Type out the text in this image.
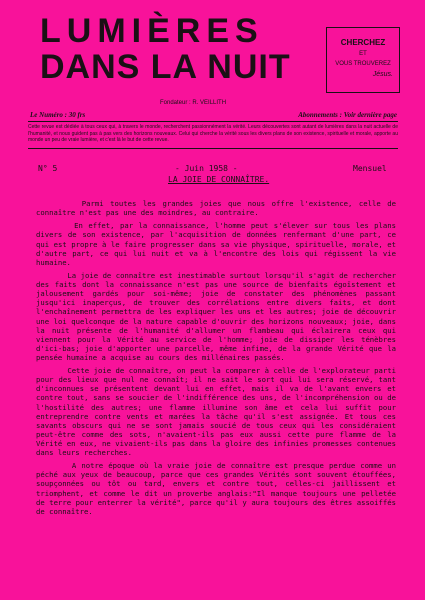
LUMIÈRES
DANS LA NUIT
Fondateur : R. VEILLITH
CHERCHEZ
ET
VOUS TROUVEREZ
Jésus.
Le Numéro : 30 frs	Abonnements : Voir dernière page
Cette revue est dédiée à tous ceux qui, à travers le monde, recherchent passionnément la vérité. Leurs découvertes sont autant de lumières dans la nuit actuelle de l'humanité, et nous guident pas à pas vers des horizons nouveaux. Celui qui cherche la vérité sous les divers plans de son existence, spirituelle et morale, apporte au monde un peu de vraie lumière, et c'est là le but de cette revue.
N° 5	- Juin 1958 -	Mensuel
LA JOIE DE CONNAÎTRE.

Parmi toutes les grandes joies que nous offre l'existence, celle de connaître n'est pas une des moindres, au contraire.

En effet, par la connaissance, l'homme peut s'élever sur tous les plans divers de son existence, par l'acquisition de données renfermant d'une part, ce qui est propre à le faire progresser dans sa vie physique, spirituelle, morale, et d'autre part, ce qui lui nuit et va à l'encontre des lois qui régissent la vie humaine.

La joie de connaître est inestimable surtout lorsqu'il s'agit de rechercher des faits dont la connaissance n'est pas une source de bienfaits égoïstement et jalousement gardés pour soi-même; joie de constater des phénomènes passant jusqu'ici inaperçus, de trouver des corrélations entre divers faits, et dont l'enchaînement permettra de les expliquer les uns et les autres; joie de découvrir une loi quelconque de la nature capable d'ouvrir des horizons nouveaux; joie, dans la nuit présente de l'humanité d'allumer un flambeau qui éclairera ceux qui viennent pour la Vérité au service de l'homme; joie de dissiper les ténèbres d'ici-bas; joie d'apporter une parcelle, même infime, de la grande Vérité que la pensée humaine a acquise au cours des millénaires passés.

Cette joie de connaître, on peut la comparer à celle de l'explorateur parti pour des lieux que nul ne connaît; il ne sait le sort qui lui sera réservé, tant d'inconnues se présentent devant lui en effet, mais il va de l'avant envers et contre tout, sans se soucier de l'indifférence des uns, de l'incompréhension ou de l'hostilité des autres; une flamme illumine son âme et cela lui suffit pour entreprendre contre vents et marées la tâche qu'il s'est assignée. Et tous ces savants obscurs qui ne se sont jamais soucié de tous ceux qui les considéraient peut-être comme des sots, n'avaient-ils pas eux aussi cette pure flamme de la Vérité en eux, ne vivaient-ils pas dans la gloire des infinies promesses contenues dans leurs recherches.

A notre époque où la vraie joie de connaître est presque perdue comme un péché aux yeux de beaucoup, parce que ces grandes Vérités sont souvent étouffées, soupçonnées ou tôt ou tard, envers et contre tout, celles-ci jaillissent et triomphent, et comme le dit un proverbe anglais:"Il manque toujours une pelletée de terre pour enterrer la vérité", parce qu'il y aura toujours des êtres assoiffés de connaître.
